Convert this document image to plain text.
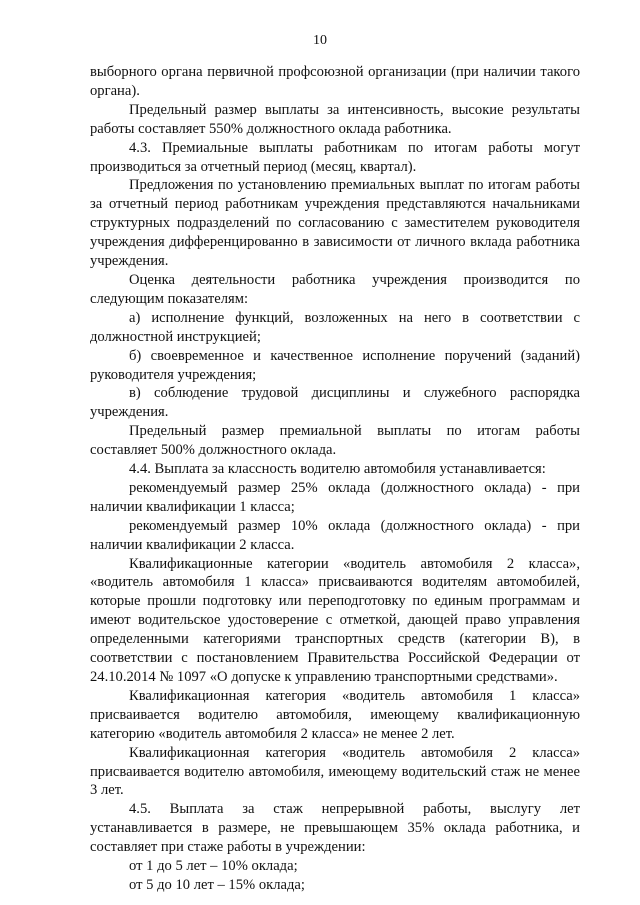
10

выборного органа первичной профсоюзной организации (при наличии такого органа).

Предельный размер выплаты за интенсивность, высокие результаты работы составляет 550% должностного оклада работника.

4.3. Премиальные выплаты работникам по итогам работы могут производиться за отчетный период (месяц, квартал).

Предложения по установлению премиальных выплат по итогам работы за отчетный период работникам учреждения представляются начальниками структурных подразделений по согласованию с заместителем руководителя учреждения дифференцированно в зависимости от личного вклада работника учреждения.

Оценка деятельности работника учреждения производится по следующим показателям:

а) исполнение функций, возложенных на него в соответствии с должностной инструкцией;

б) своевременное и качественное исполнение поручений (заданий) руководителя учреждения;

в) соблюдение трудовой дисциплины и служебного распорядка учреждения.

Предельный размер премиальной выплаты по итогам работы составляет 500% должностного оклада.

4.4. Выплата за классность водителю автомобиля устанавливается:

рекомендуемый размер 25% оклада (должностного оклада) - при наличии квалификации 1 класса;

рекомендуемый размер 10% оклада (должностного оклада) - при наличии квалификации 2 класса.

Квалификационные категории «водитель автомобиля 2 класса», «водитель автомобиля 1 класса» присваиваются водителям автомобилей, которые прошли подготовку или переподготовку по единым программам и имеют водительское удостоверение с отметкой, дающей право управления определенными категориями транспортных средств (категории B), в соответствии с постановлением Правительства Российской Федерации от 24.10.2014 № 1097 «О допуске к управлению транспортными средствами».

Квалификационная категория «водитель автомобиля 1 класса» присваивается водителю автомобиля, имеющему квалификационную категорию «водитель автомобиля 2 класса» не менее 2 лет.

Квалификационная категория «водитель автомобиля 2 класса» присваивается водителю автомобиля, имеющему водительский стаж не менее 3 лет.

4.5. Выплата за стаж непрерывной работы, выслугу лет устанавливается в размере, не превышающем 35% оклада работника, и составляет при стаже работы в учреждении:

от 1 до 5 лет – 10% оклада;

от 5 до 10 лет – 15% оклада;
